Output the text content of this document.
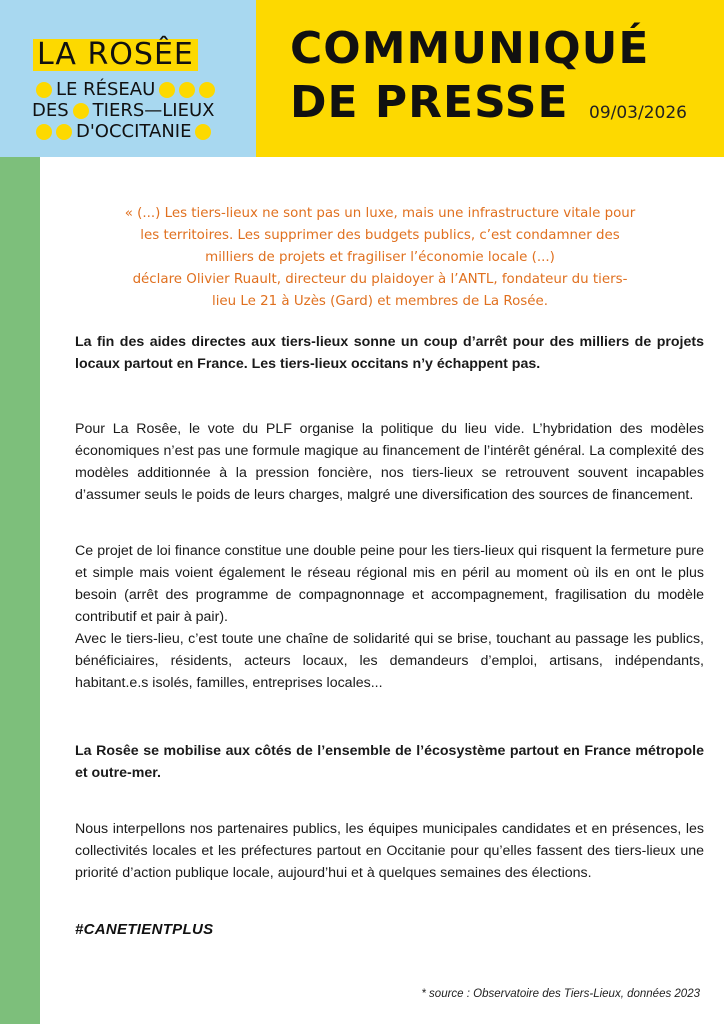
LA ROSÊE
LE RÉSEAU
DES TIERS—LIEUX
D'OCCITANIE
COMMUNIQUÉ
DE PRESSE	09/03/2026

« (...) Les tiers-lieux ne sont pas un luxe, mais une infrastructure vitale pour

les territoires. Les supprimer des budgets publics, c’est condamner des

milliers de projets et fragiliser l’économie locale (...)

déclare Olivier Ruault, directeur du plaidoyer à l’ANTL, fondateur du tiers-

lieu Le 21 à Uzès (Gard) et membres de La Rosée.

La fin des aides directes aux tiers-lieux sonne un coup d’arrêt pour des milliers de projets locaux partout en France. Les tiers-lieux occitans n’y échappent pas.

Pour La Rosêe, le vote du PLF organise la politique du lieu vide. L’hybridation des modèles économiques n’est pas une formule magique au financement de l’intérêt général. La complexité des modèles additionnée à la pression foncière, nos tiers-lieux se retrouvent souvent incapables d’assumer seuls le poids de leurs charges, malgré une diversification des sources de financement.

Ce projet de loi finance constitue une double peine pour les tiers-lieux qui risquent la fermeture pure et simple mais voient également le réseau régional mis en péril au moment où ils en ont le plus besoin (arrêt des programme de compagnonnage et accompagnement, fragilisation du modèle contributif et pair à pair).

Avec le tiers-lieu, c’est toute une chaîne de solidarité qui se brise, touchant au passage les publics, bénéficiaires, résidents, acteurs locaux, les demandeurs d’emploi, artisans, indépendants, habitant.e.s isolés, familles, entreprises locales...

La Rosêe se mobilise aux côtés de l’ensemble de l’écosystème partout en France métropole et outre-mer.

Nous interpellons nos partenaires publics, les équipes municipales candidates et en présences, les collectivités locales et les préfectures partout en Occitanie pour qu’elles fassent des tiers-lieux une priorité d’action publique locale, aujourd’hui et à quelques semaines des élections.

#CANETIENTPLUS
* source : Observatoire des Tiers-Lieux, données 2023
